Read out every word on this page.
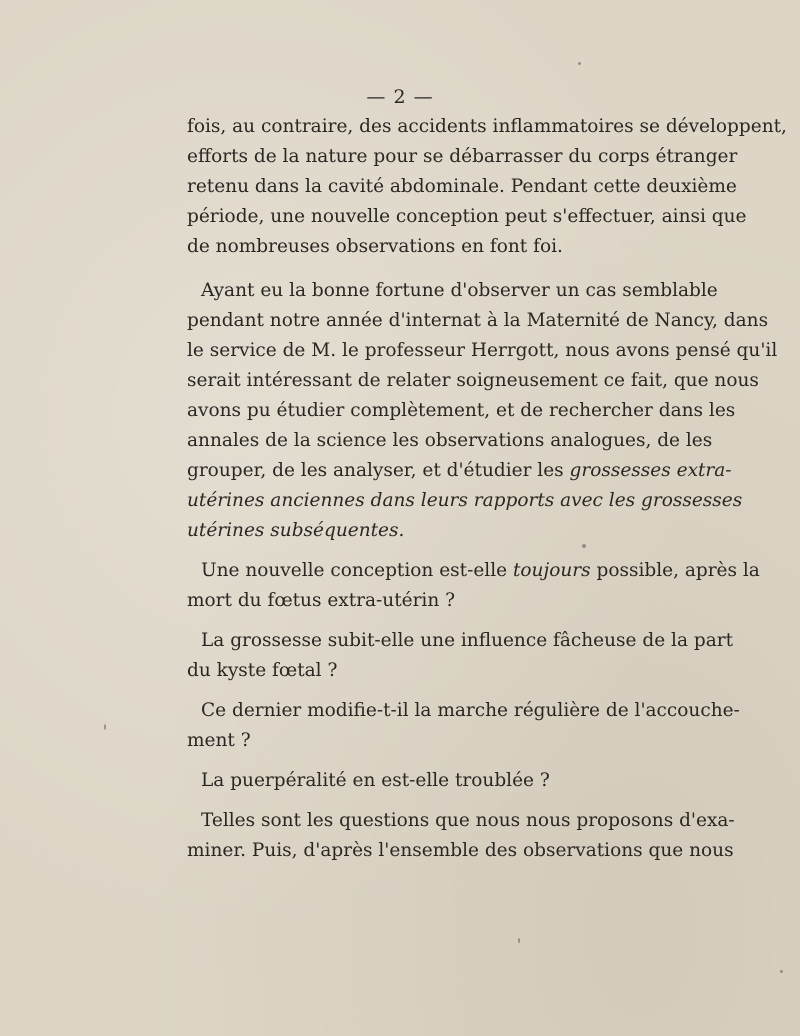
— 2 —
fois, au contraire, des accidents inflammatoires se développent,
efforts de la nature pour se débarrasser du corps étranger
retenu dans la cavité abdominale. Pendant cette deuxième
période, une nouvelle conception peut s'effectuer, ainsi que
de nombreuses observations en font foi.
Ayant eu la bonne fortune d'observer un cas semblable
pendant notre année d'internat à la Maternité de Nancy, dans
le service de M. le professeur Herrgott, nous avons pensé qu'il
serait intéressant de relater soigneusement ce fait, que nous
avons pu étudier complètement, et de rechercher dans les
annales de la science les observations analogues, de les
grouper, de les analyser, et d'étudier les grossesses extra-
utérines anciennes dans leurs rapports avec les grossesses
utérines subséquentes.
Une nouvelle conception est-elle toujours possible, après la
mort du fœtus extra-utérin ?
La grossesse subit-elle une influence fâcheuse de la part
du kyste fœtal ?
Ce dernier modifie-t-il la marche régulière de l'accouche-
ment ?
La puerpéralité en est-elle troublée ?
Telles sont les questions que nous nous proposons d'exa-
miner. Puis, d'après l'ensemble des observations que nous
